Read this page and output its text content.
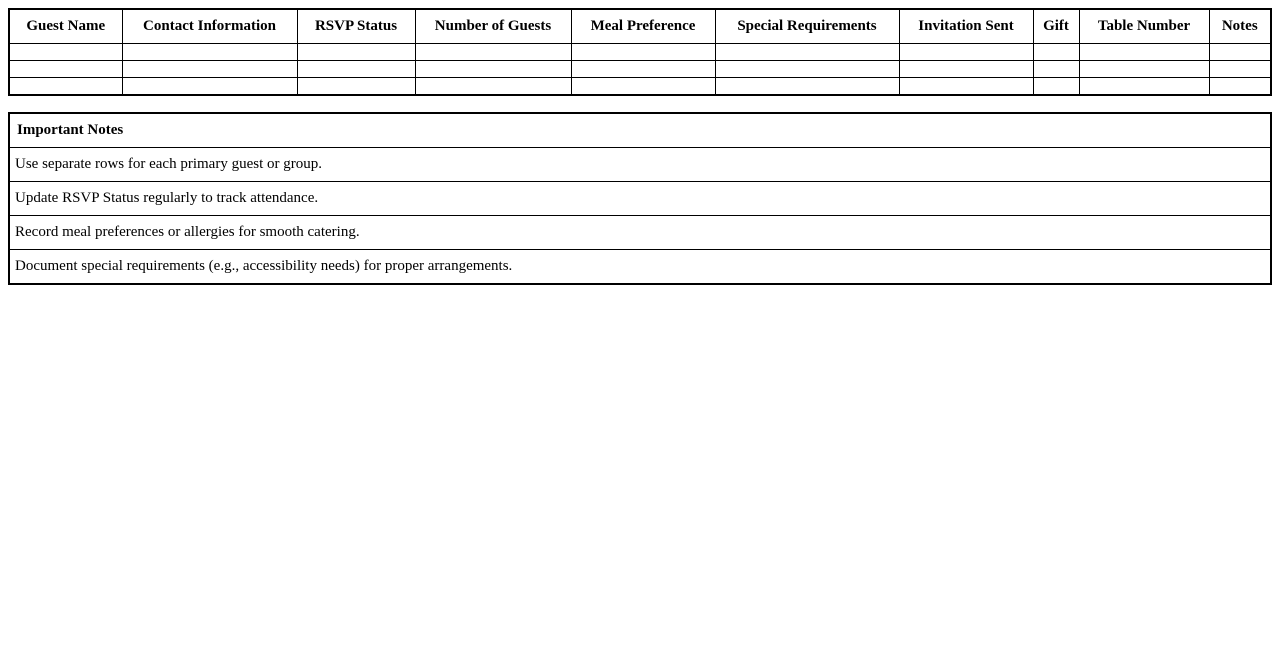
Guest Name	Contact Information	RSVP Status	Number of Guests	Meal Preference	Special Requirements	Invitation Sent	Gift	Table Number	Notes

Important Notes
Use separate rows for each primary guest or group.
Update RSVP Status regularly to track attendance.
Record meal preferences or allergies for smooth catering.
Document special requirements (e.g., accessibility needs) for proper arrangements.
